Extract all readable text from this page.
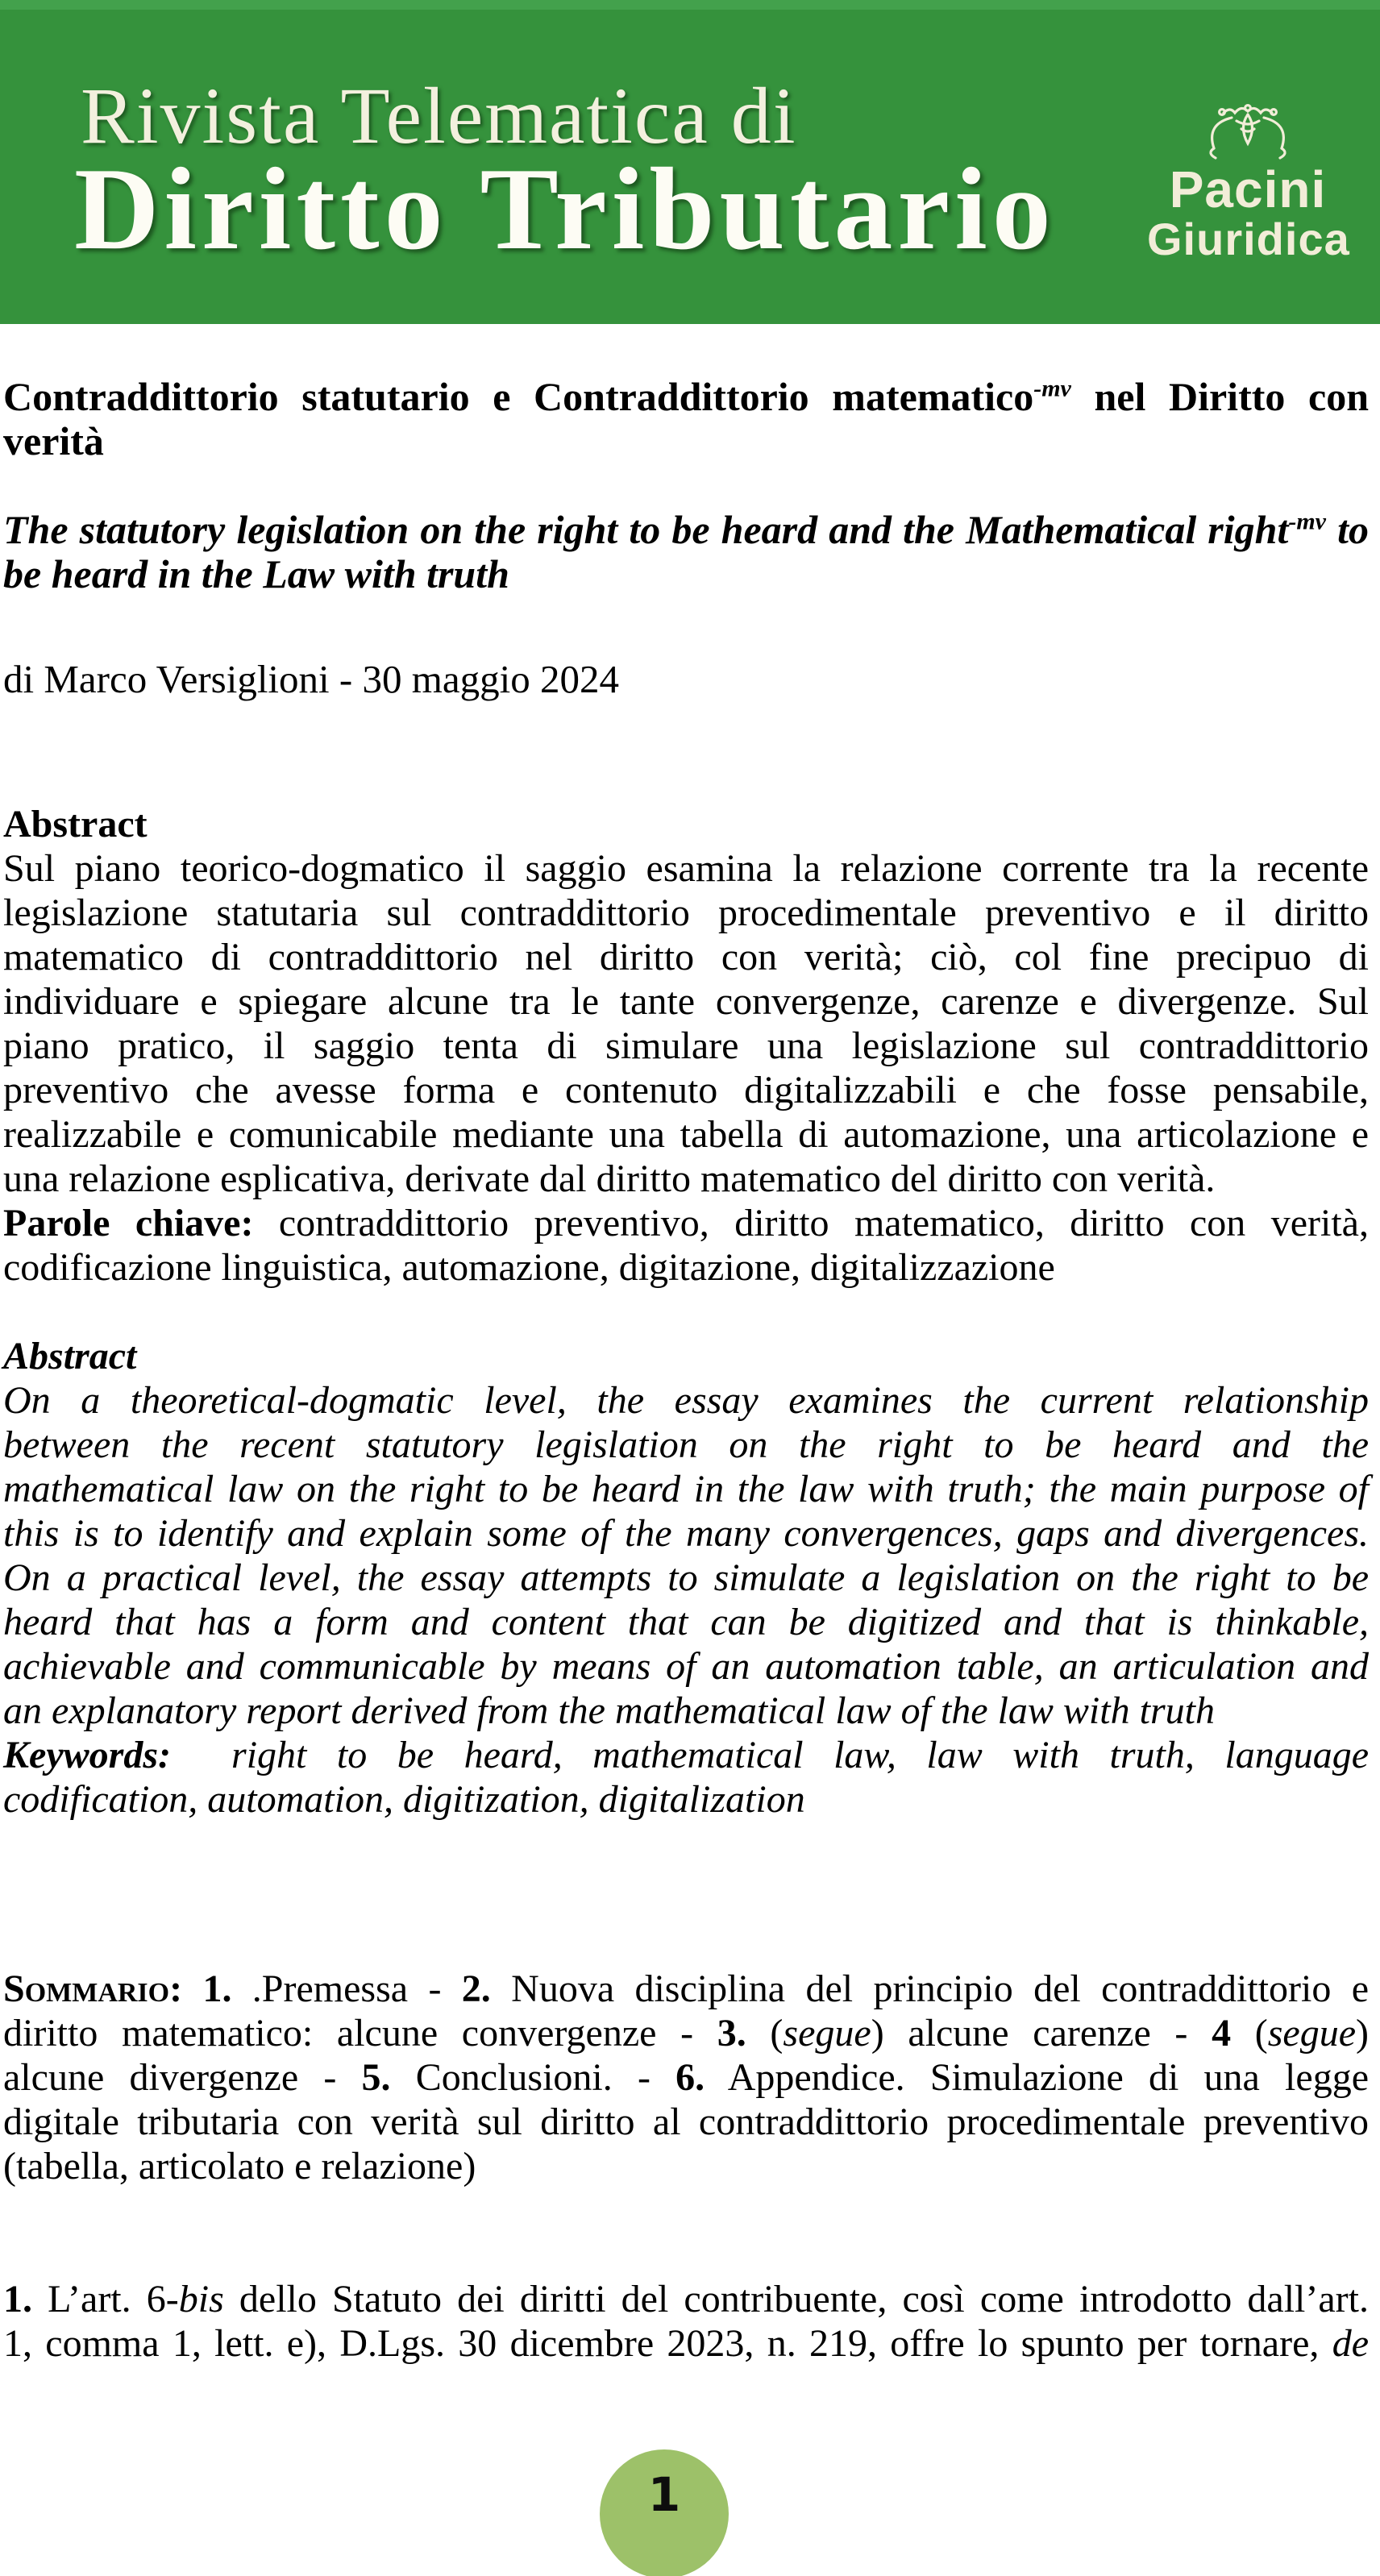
Rivista Telematica di
Diritto Tributario	Pacini
Giuridica
Contraddittorio statutario e Contraddittorio matematico$^{-mv}$ nel Diritto con
verità
The statutory legislation on the right to be heard and the Mathematical right$^{-mv}$ to
be heard in the Law with truth

di Marco Versiglioni - 30 maggio 2024

Abstract

Sul piano teorico-dogmatico il saggio esamina la relazione corrente tra la recente
legislazione statutaria sul contraddittorio procedimentale preventivo e il diritto
matematico di contraddittorio nel diritto con verità; ciò, col fine precipuo di
individuare e spiegare alcune tra le tante convergenze, carenze e divergenze. Sul
piano pratico, il saggio tenta di simulare una legislazione sul contraddittorio
preventivo che avesse forma e contenuto digitalizzabili e che fosse pensabile,
realizzabile e comunicabile mediante una tabella di automazione, una articolazione e
una relazione esplicativa, derivate dal diritto matematico del diritto con verità.
Parole chiave: contraddittorio preventivo, diritto matematico, diritto con verità,
codificazione linguistica, automazione, digitazione, digitalizzazione

Abstract

On a theoretical-dogmatic level, the essay examines the current relationship
between the recent statutory legislation on the right to be heard and the
mathematical law on the right to be heard in the law with truth; the main purpose of
this is to identify and explain some of the many convergences, gaps and divergences.
On a practical level, the essay attempts to simulate a legislation on the right to be
heard that has a form and content that can be digitized and that is thinkable,
achievable and communicable by means of an automation table, an articulation and
an explanatory report derived from the mathematical law of the law with truth
Keywords:  right to be heard, mathematical law, law with truth, language
codification, automation, digitization, digitalization
Sommario: 1. .Premessa - 2. Nuova disciplina del principio del contraddittorio e
diritto matematico: alcune convergenze - 3. (segue) alcune carenze - 4 (segue)
alcune divergenze - 5. Conclusioni. - 6. Appendice. Simulazione di una legge
digitale tributaria con verità sul diritto al contraddittorio procedimentale preventivo
(tabella, articolato e relazione)
1. L’art. 6-bis dello Statuto dei diritti del contribuente, così come introdotto dall’art.
1, comma 1, lett. e), D.Lgs. 30 dicembre 2023, n. 219, offre lo spunto per tornare, de
1
